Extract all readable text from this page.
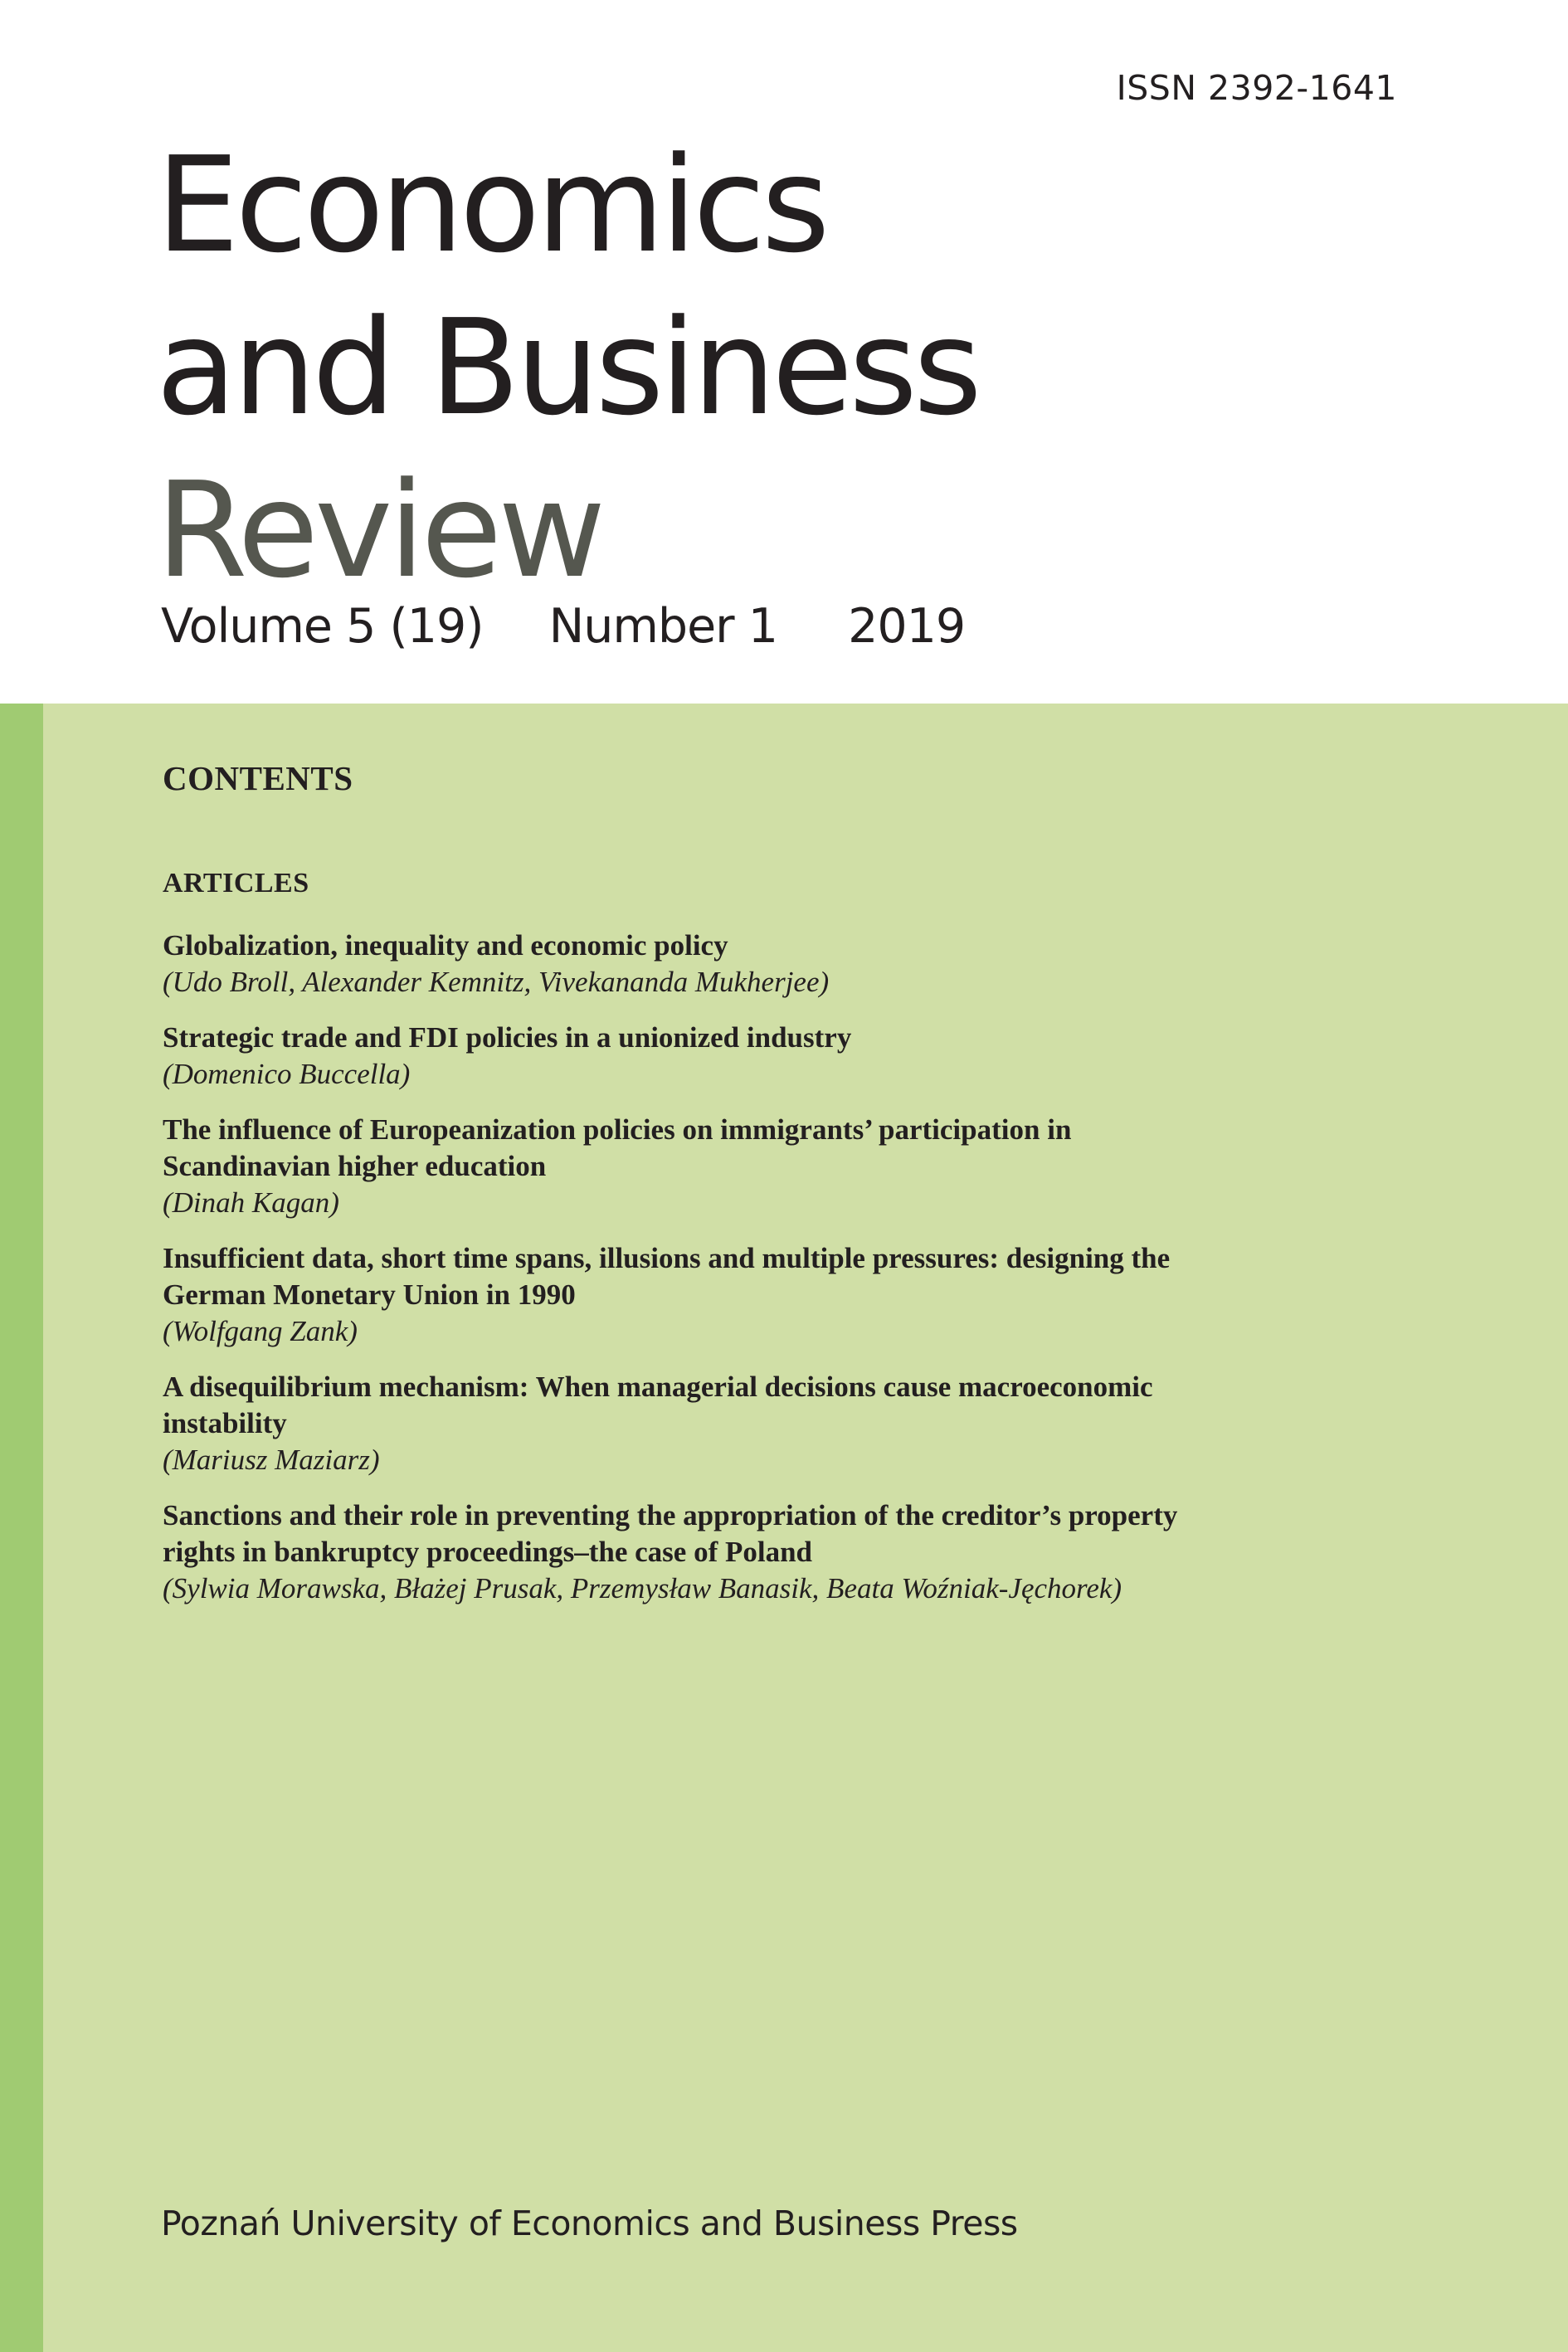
ISSN 2392-1641
Economics
and Business
Review
Volume 5 (19) Number 1 2019
CONTENTS
ARTICLES
Globalization, inequality and economic policy
(Udo Broll, Alexander Kemnitz, Vivekananda Mukherjee)
Strategic trade and FDI policies in a unionized industry
(Domenico Buccella)
The influence of Europeanization policies on immigrants’ participation in
Scandinavian higher education
(Dinah Kagan)
Insufficient data, short time spans, illusions and multiple pressures: designing the
German Monetary Union in 1990
(Wolfgang Zank)
A disequilibrium mechanism: When managerial decisions cause macroeconomic
instability
(Mariusz Maziarz)
Sanctions and their role in preventing the appropriation of the creditor’s property
rights in bankruptcy proceedings–the case of Poland
(Sylwia Morawska, Błażej Prusak, Przemysław Banasik, Beata Woźniak-Jęchorek)
Poznań University of Economics and Business Press
